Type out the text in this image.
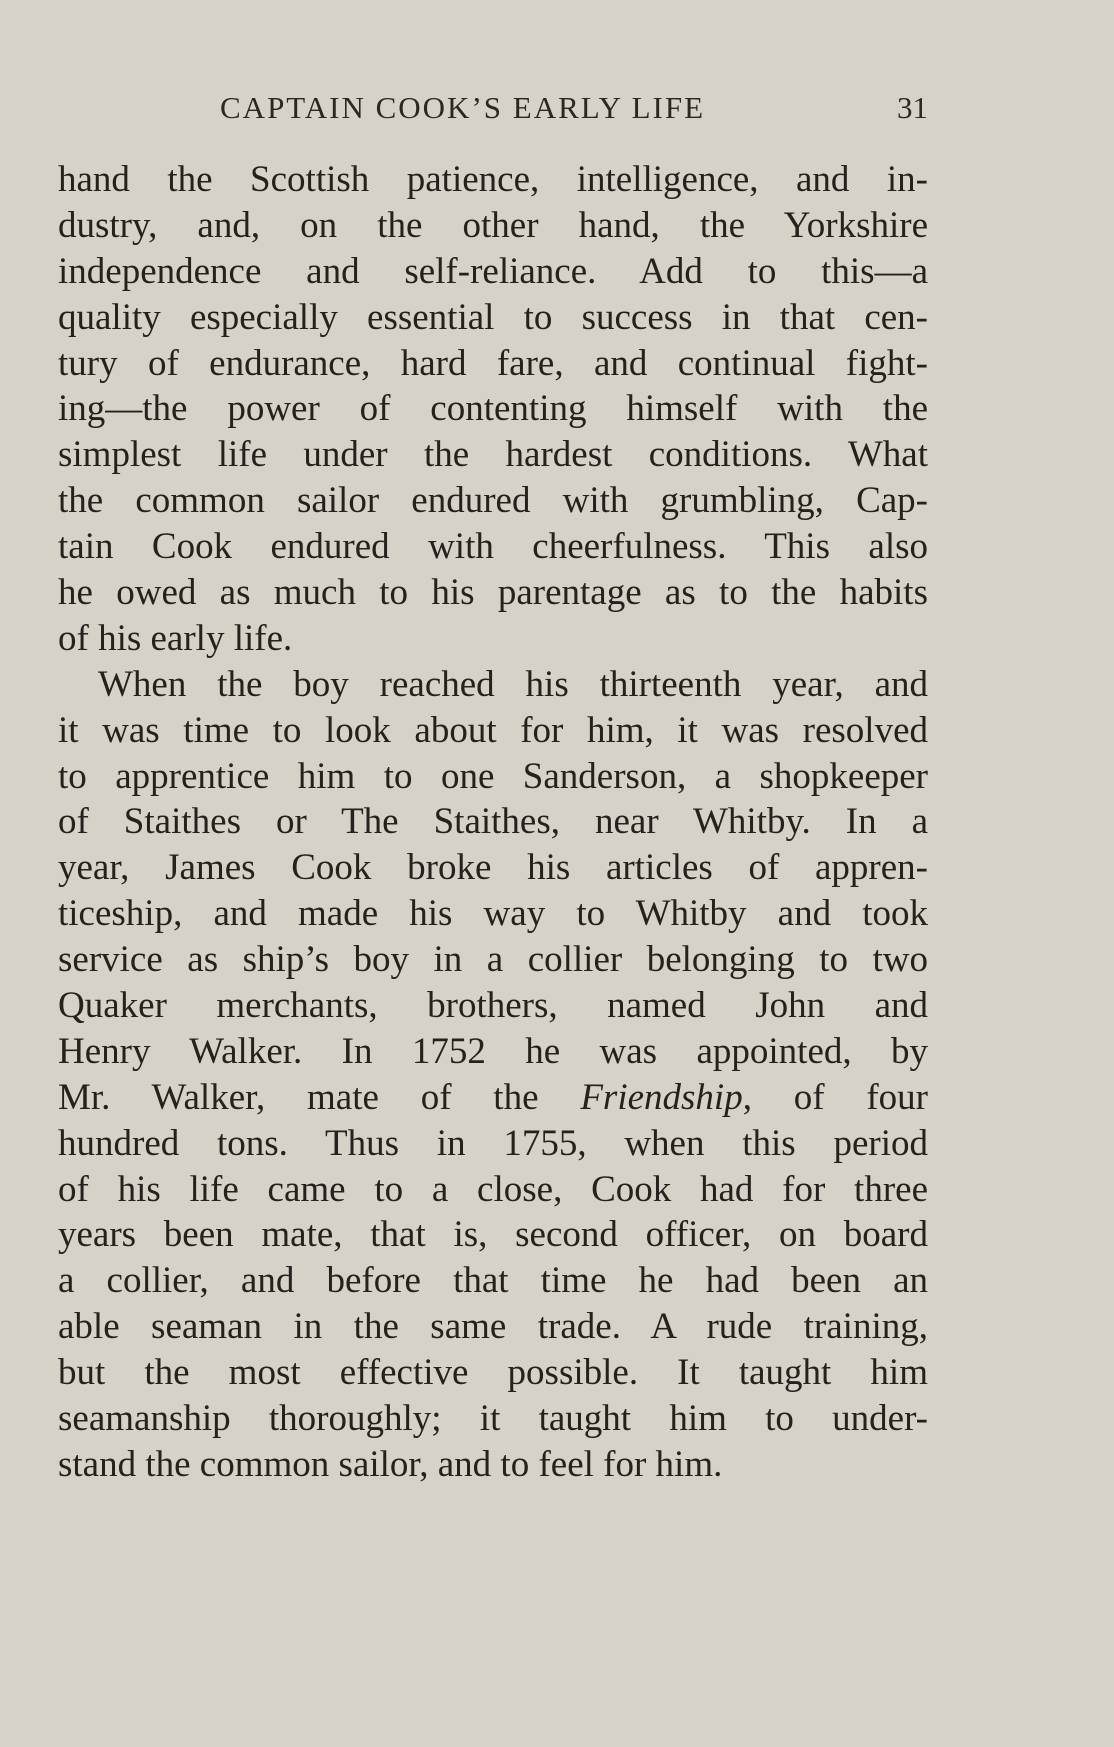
CAPTAIN COOK’S EARLY LIFE	31
hand the Scottish patience, intelligence, and in-
dustry, and, on the other hand, the Yorkshire
independence and self-reliance. Add to this—a
quality especially essential to success in that cen-
tury of endurance, hard fare, and continual fight-
ing—the power of contenting himself with the
simplest life under the hardest conditions. What
the common sailor endured with grumbling, Cap-
tain Cook endured with cheerfulness. This also
he owed as much to his parentage as to the habits
of his early life.
When the boy reached his thirteenth year, and
it was time to look about for him, it was resolved
to apprentice him to one Sanderson, a shopkeeper
of Staithes or The Staithes, near Whitby. In a
year, James Cook broke his articles of appren-
ticeship, and made his way to Whitby and took
service as ship’s boy in a collier belonging to two
Quaker merchants, brothers, named John and
Henry Walker. In 1752 he was appointed, by
Mr. Walker, mate of the Friendship, of four
hundred tons. Thus in 1755, when this period
of his life came to a close, Cook had for three
years been mate, that is, second officer, on board
a collier, and before that time he had been an
able seaman in the same trade. A rude training,
but the most effective possible. It taught him
seamanship thoroughly; it taught him to under-
stand the common sailor, and to feel for him.
